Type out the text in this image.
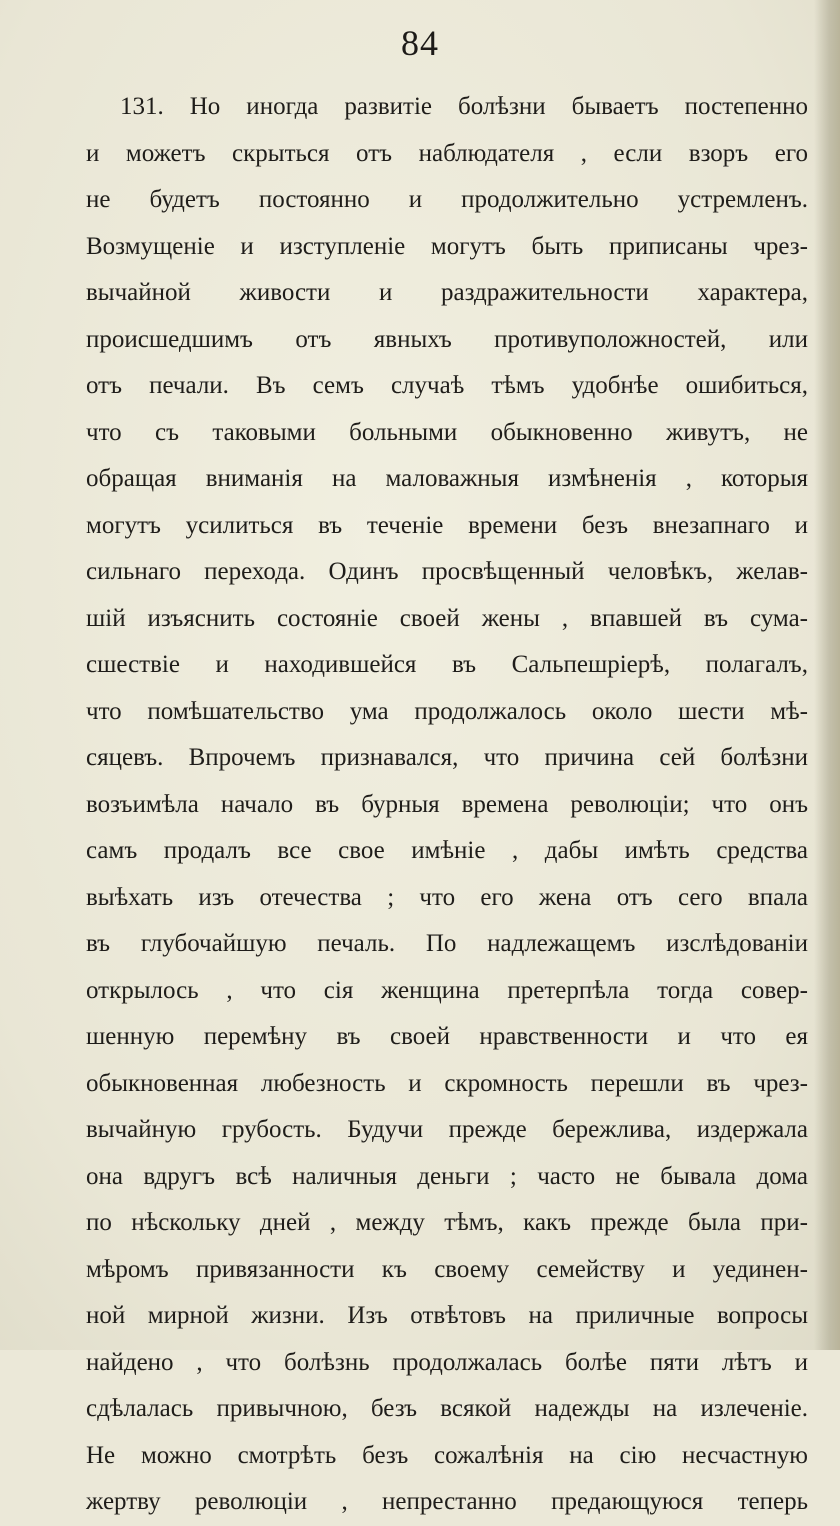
84
131. Но иногда развитіе болѣзни бываетъ постепенно
и можетъ скрыться отъ наблюдателя , если взоръ его
не будетъ постоянно и продолжительно устремленъ.
Возмущеніе и изступленіе могутъ быть приписаны чрез-
вычайной живости и раздражительности характера,
происшедшимъ отъ явныхъ противуположностей, или
отъ печали. Въ семъ случаѣ тѣмъ удобнѣе ошибиться,
что съ таковыми больными обыкновенно живутъ, не
обращая вниманія на маловажныя измѣненія , которыя
могутъ усилиться въ теченіе времени безъ внезапнаго и
сильнаго перехода. Одинъ просвѣщенный человѣкъ, желав-
шій изъяснить состояніе своей жены , впавшей въ сума-
сшествіе и находившейся въ Сальпешріерѣ, полагалъ,
что помѣшательство ума продолжалось около шести мѣ-
сяцевъ. Впрочемъ признавался, что причина сей болѣзни
возъимѣла начало въ бурныя времена революціи; что онъ
самъ продалъ все свое имѣніе , дабы имѣть средства
выѣхать изъ отечества ; что его жена отъ сего впала
въ глубочайшую печаль. По надлежащемъ изслѣдованіи
открылось , что сія женщина претерпѣла тогда совер-
шенную перемѣну въ своей нравственности и что ея
обыкновенная любезность и скромность перешли въ чрез-
вычайную грубость. Будучи прежде бережлива, издержала
она вдругъ всѣ наличныя деньги ; часто не бывала дома
по нѣскольку дней , между тѣмъ, какъ прежде была при-
мѣромъ привязанности къ своему семейству и уединен-
ной мирной жизни. Изъ отвѣтовъ на приличные вопросы
найдено , что болѣзнь продолжалась болѣе пяти лѣтъ и
сдѣлалась привычною, безъ всякой надежды на излеченіе.
Не можно смотрѣть безъ сожалѣнія на сію несчастную
жертву революціи , непрестанно предающуюся теперь
